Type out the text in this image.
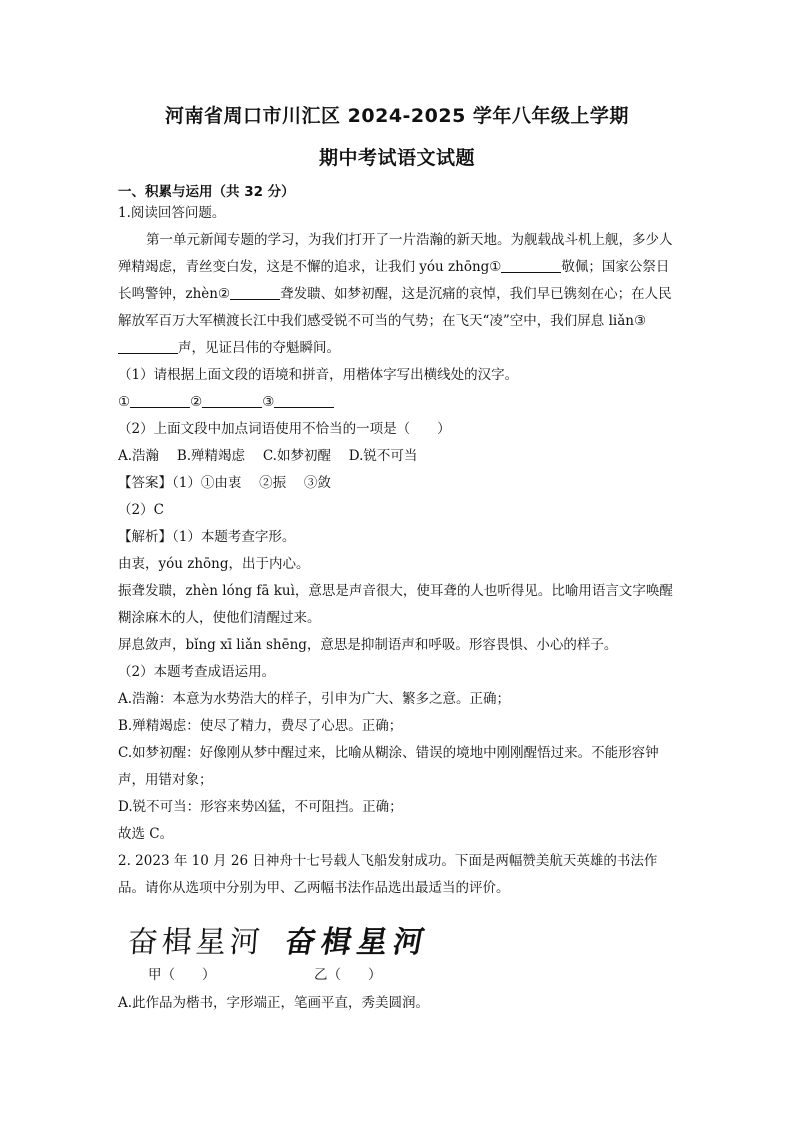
河南省周口市川汇区 2024-2025 学年八年级上学期
期中考试语文试题
一、积累与运用（共 32 分）

1.阅读回答问题。

第一单元新闻专题的学习，为我们打开了一片浩瀚的新天地。为舰载战斗机上舰，多少人殚精竭虑，青丝变白发，这是不懈的追求，让我们 yóu zhōng①	敬佩；国家公祭日长鸣警钟，zhèn②	聋发聩、如梦初醒，这是沉痛的哀悼，我们早已镌刻在心；在人民解放军百万大军横渡长江中我们感受锐不可当的气势；在飞天“凌”空中，我们屏息 liǎn③声，见证吕伟的夺魁瞬间。

（1）请根据上面文段的语境和拼音，用楷体字写出横线处的汉字。

①	②	③

（2）上面文段中加点词语使用不恰当的一项是（　　）

A.浩瀚　 B.殚精竭虑　 C.如梦初醒　 D.锐不可当

【答案】（1）①由衷　 ②振　 ③敛

（2）C

【解析】（1）本题考查字形。

由衷，yóu zhōng，出于内心。

振聋发聩，zhèn lóng fā kuì，意思是声音很大，使耳聋的人也听得见。比喻用语言文字唤醒糊涂麻木的人，使他们清醒过来。

屏息敛声，bǐng xī liǎn shēng，意思是抑制语声和呼吸。形容畏惧、小心的样子。

（2）本题考查成语运用。

A.浩瀚：本意为水势浩大的样子，引申为广大、繁多之意。正确；

B.殚精竭虑：使尽了精力，费尽了心思。正确；

C.如梦初醒：好像刚从梦中醒过来，比喻从糊涂、错误的境地中刚刚醒悟过来。不能形容钟声，用错对象；

D.锐不可当：形容来势凶猛，不可阻挡。正确；

故选 C。

2. 2023 年 10 月 26 日神舟十七号载人飞船发射成功。下面是两幅赞美航天英雄的书法作品。请你从选项中分别为甲、乙两幅书法作品选出最适当的评价。

奋楫星河 奋楫星河
甲（　　）	乙（　　）
A.此作品为楷书，字形端正，笔画平直，秀美圆润。
